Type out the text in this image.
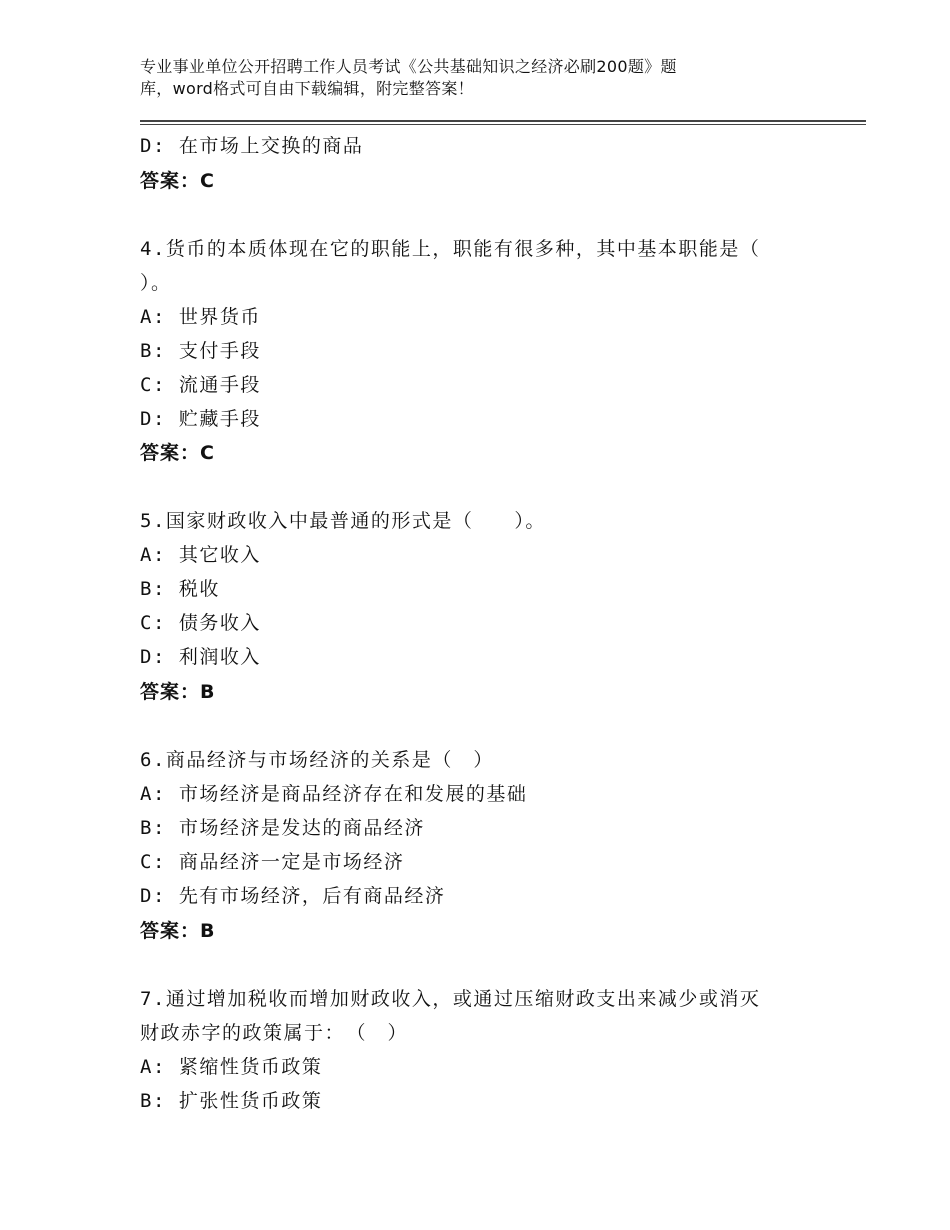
专业事业单位公开招聘工作人员考试《公共基础知识之经济必刷200题》题
库，word格式可自由下载编辑，附完整答案！
D: 在市场上交换的商品
答案：C
4.货币的本质体现在它的职能上，职能有很多种，其中基本职能是（
）。
A: 世界货币
B: 支付手段
C: 流通手段
D: 贮藏手段
答案：C
5.国家财政收入中最普通的形式是（　　）。
A: 其它收入
B: 税收
C: 债务收入
D: 利润收入
答案：B
6.商品经济与市场经济的关系是（　）
A: 市场经济是商品经济存在和发展的基础
B: 市场经济是发达的商品经济
C: 商品经济一定是市场经济
D: 先有市场经济，后有商品经济
答案：B
7.通过增加税收而增加财政收入，或通过压缩财政支出来减少或消灭
财政赤字的政策属于：　（　）
A: 紧缩性货币政策
B: 扩张性货币政策
